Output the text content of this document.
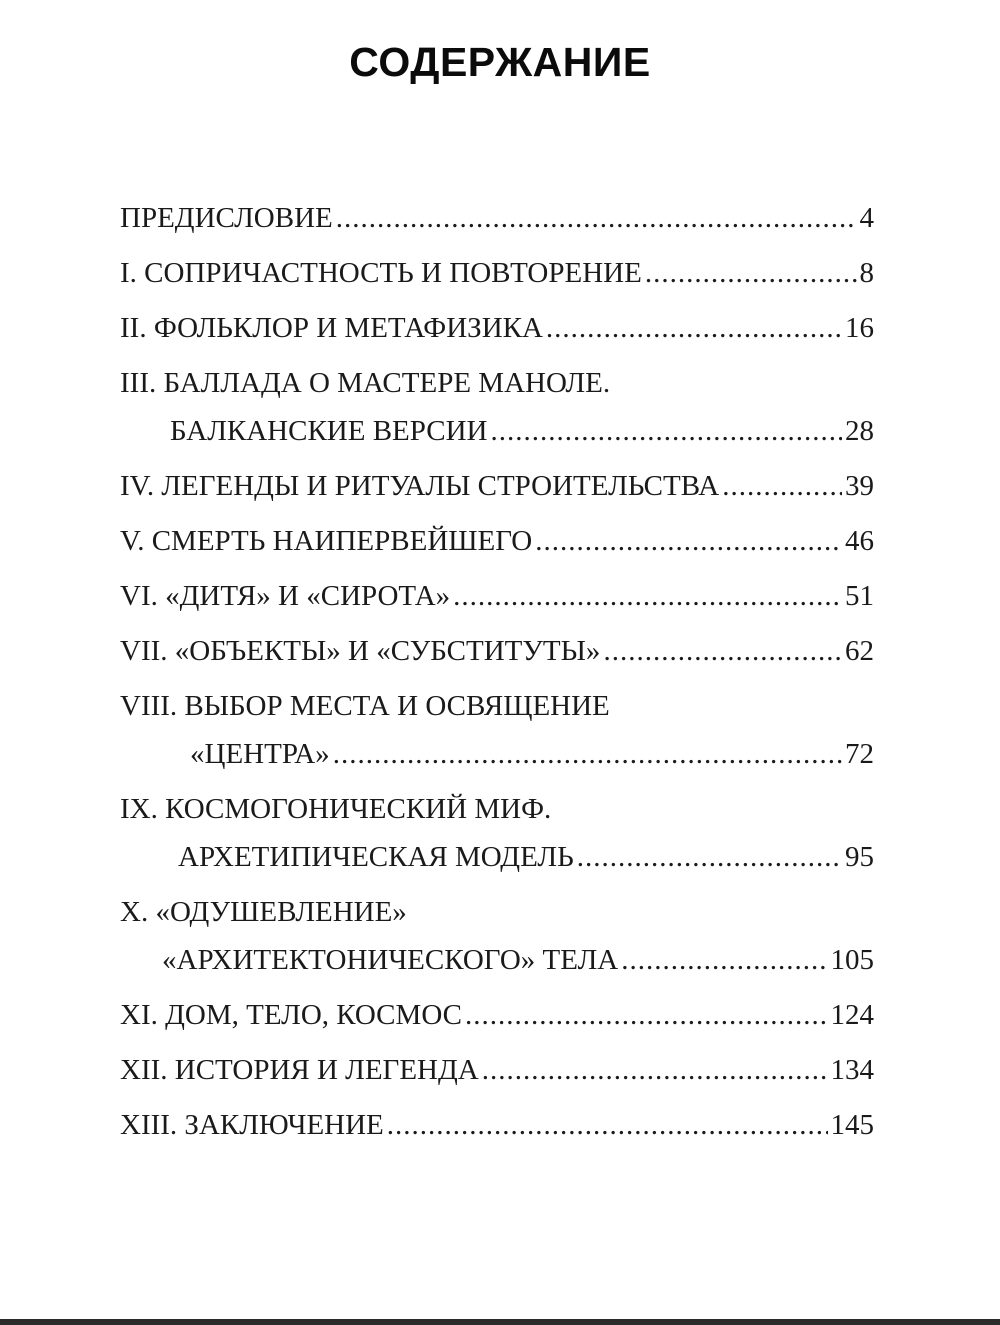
СОДЕРЖАНИЕ
ПРЕДИСЛОВИЕ .....	4
I. СОПРИЧАСТНОСТЬ И ПОВТОРЕНИЕ .....	8
II. ФОЛЬКЛОР И МЕТАФИЗИКА .....	16
III. БАЛЛАДА О МАСТЕРЕ МАНОЛЕ.
БАЛКАНСКИЕ ВЕРСИИ .....	28
IV. ЛЕГЕНДЫ И РИТУАЛЫ СТРОИТЕЛЬСТВА .....	39
V. СМЕРТЬ НАИПЕРВЕЙШЕГО .....	46
VI. «ДИТЯ» И «СИРОТА» .....	51
VII. «ОБЪЕКТЫ» И «СУБСТИТУТЫ» .....	62
VIII. ВЫБОР МЕСТА И ОСВЯЩЕНИЕ
«ЦЕНТРА» .....	72
IX. КОСМОГОНИЧЕСКИЙ МИФ.
АРХЕТИПИЧЕСКАЯ МОДЕЛЬ .....	95
X. «ОДУШЕВЛЕНИЕ»
«АРХИТЕКТОНИЧЕСКОГО» ТЕЛА .....	105
XI. ДОМ, ТЕЛО, КОСМОС .....	124
XII. ИСТОРИЯ И ЛЕГЕНДА .....	134
XIII. ЗАКЛЮЧЕНИЕ .....	145
